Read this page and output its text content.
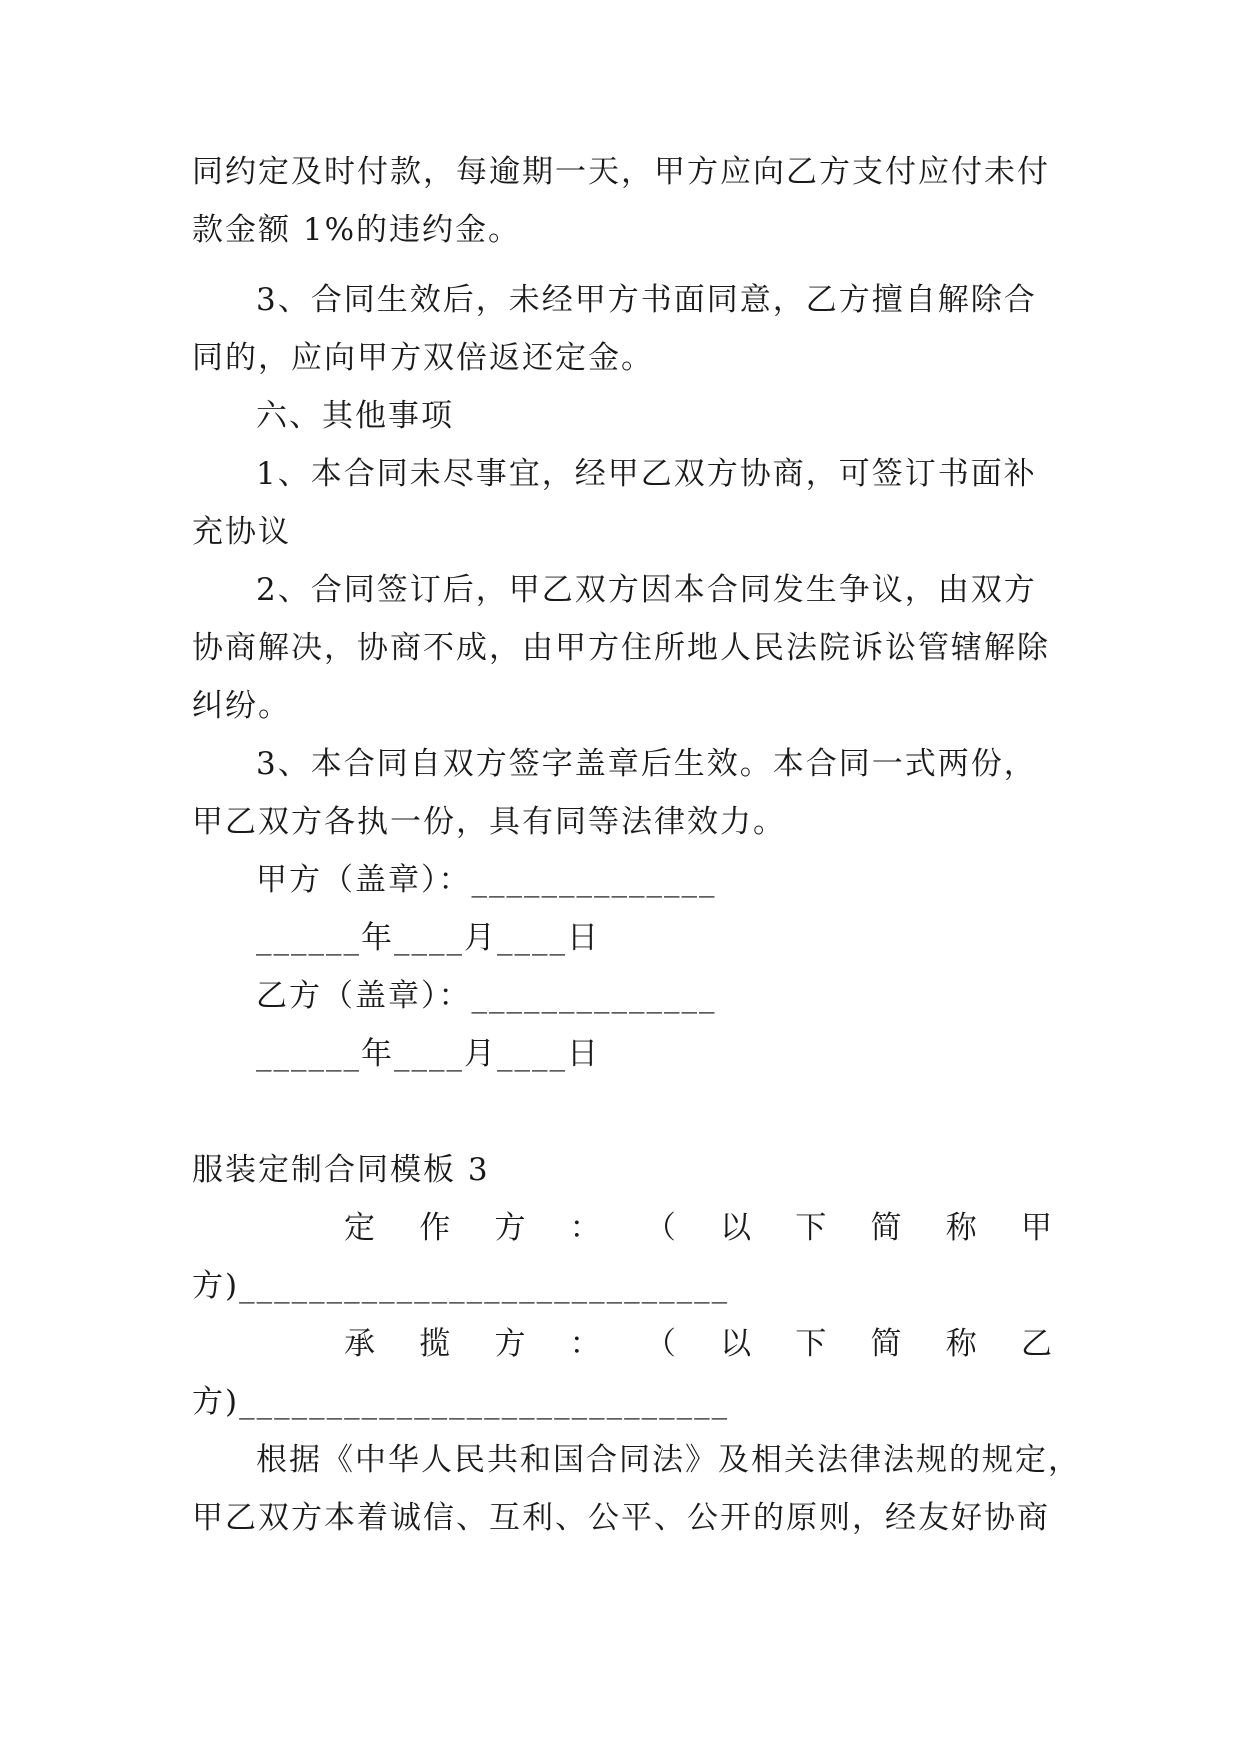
同约定及时付款，每逾期一天，甲方应向乙方支付应付未付
款金额 1%的违约金。
3、合同生效后，未经甲方书面同意，乙方擅自解除合
同的，应向甲方双倍返还定金。
六、其他事项
1、本合同未尽事宜，经甲乙双方协商，可签订书面补
充协议
2、合同签订后，甲乙双方因本合同发生争议，由双方
协商解决，协商不成，由甲方住所地人民法院诉讼管辖解除
纠纷。
3、本合同自双方签字盖章后生效。本合同一式两份，
甲乙双方各执一份，具有同等法律效力。
甲方（盖章）：______________
______年____月____日
乙方（盖章）：______________
______年____月____日
服装定制合同模板 3
定 作 方 ： （ 以 下 简 称 甲
方)____________________________
承 揽 方 ： （ 以 下 简 称 乙
方)____________________________
根据《中华人民共和国合同法》及相关法律法规的规定，
甲乙双方本着诚信、互利、公平、公开的原则，经友好协商
